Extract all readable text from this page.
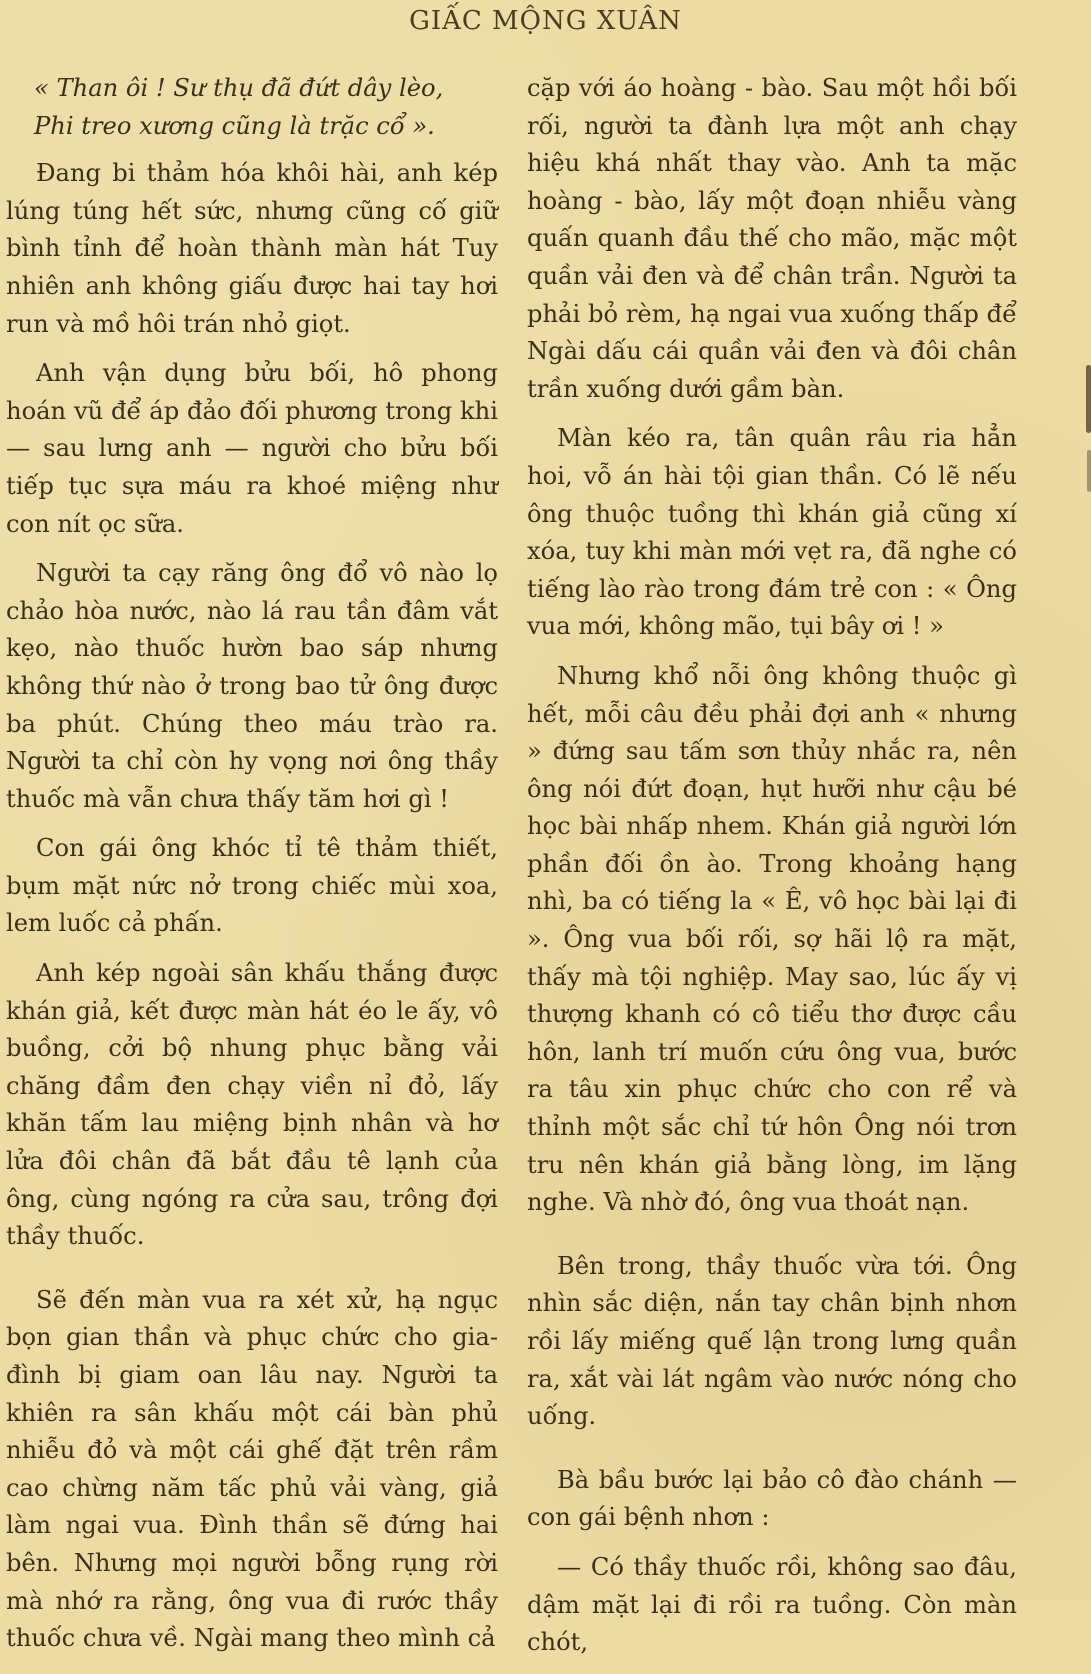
GIẤC MỘNG XUÂN
« Than ôi ! Sư thụ đã đứt dây lèo,
Phi treo xương cũng là trặc cổ ».

Đang bi thảm hóa khôi hài, anh kép lúng túng hết sức, nhưng cũng cố giữ bình tỉnh để hoàn thành màn hát Tuy nhiên anh không giấu được hai tay hơi run và mồ hôi trán nhỏ giọt.

Anh vận dụng bửu bối, hô phong hoán vũ để áp đảo đối phương trong khi — sau lưng anh — người cho bửu bối tiếp tục sựa máu ra khoé miệng như con nít ọc sữa.

Người ta cạy răng ông đổ vô nào lọ chảo hòa nước, nào lá rau tần đâm vắt kẹo, nào thuốc hườn bao sáp nhưng không thứ nào ở trong bao tử ông được ba phút. Chúng theo máu trào ra. Người ta chỉ còn hy vọng nơi ông thầy thuốc mà vẫn chưa thấy tăm hơi gì !

Con gái ông khóc tỉ tê thảm thiết, bụm mặt nức nở trong chiếc mùi xoa, lem luốc cả phấn.

Anh kép ngoài sân khấu thắng được khán giả, kết được màn hát éo le ấy, vô buồng, cởi bộ nhung phục bằng vải chăng đầm đen chạy viền nỉ đỏ, lấy khăn tấm lau miệng bịnh nhân và hơ lửa đôi chân đã bắt đầu tê lạnh của ông, cùng ngóng ra cửa sau, trông đợi thầy thuốc.

Sẽ đến màn vua ra xét xử, hạ ngục bọn gian thần và phục chức cho gia-đình bị giam oan lâu nay. Người ta khiên ra sân khấu một cái bàn phủ nhiễu đỏ và một cái ghế đặt trên rầm cao chừng năm tấc phủ vải vàng, giả làm ngai vua. Đình thần sẽ đứng hai bên. Nhưng mọi người bỗng rụng rời mà nhớ ra rằng, ông vua đi rước thầy thuốc chưa về. Ngài mang theo mình cả

cặp với áo hoàng - bào. Sau một hồi bối rối, người ta đành lựa một anh chạy hiệu khá nhất thay vào. Anh ta mặc hoàng - bào, lấy một đoạn nhiễu vàng quấn quanh đầu thế cho mão, mặc một quần vải đen và để chân trần. Người ta phải bỏ rèm, hạ ngai vua xuống thấp để Ngài dấu cái quần vải đen và đôi chân trần xuống dưới gầm bàn.

Màn kéo ra, tân quân râu ria hẳn hoi, vỗ án hài tội gian thần. Có lẽ nếu ông thuộc tuồng thì khán giả cũng xí xóa, tuy khi màn mới vẹt ra, đã nghe có tiếng lào rào trong đám trẻ con : « Ông vua mới, không mão, tụi bây ơi ! »

Nhưng khổ nỗi ông không thuộc gì hết, mỗi câu đều phải đợi anh « nhưng » đứng sau tấm sơn thủy nhắc ra, nên ông nói đứt đoạn, hụt hưỡi như cậu bé học bài nhấp nhem. Khán giả người lớn phần đối ồn ào. Trong khoảng hạng nhì, ba có tiếng la « Ê, vô học bài lại đi ». Ông vua bối rối, sợ hãi lộ ra mặt, thấy mà tội nghiệp. May sao, lúc ấy vị thượng khanh có cô tiểu thơ được cầu hôn, lanh trí muốn cứu ông vua, bước ra tâu xin phục chức cho con rể và thỉnh một sắc chỉ tứ hôn Ông nói trơn tru nên khán giả bằng lòng, im lặng nghe. Và nhờ đó, ông vua thoát nạn.

Bên trong, thầy thuốc vừa tới. Ông nhìn sắc diện, nắn tay chân bịnh nhơn rồi lấy miếng quế lận trong lưng quần ra, xắt vài lát ngâm vào nước nóng cho uống.

Bà bầu bước lại bảo cô đào chánh — con gái bệnh nhơn :

— Có thầy thuốc rồi, không sao đâu, dậm mặt lại đi rồi ra tuồng. Còn màn chót,
